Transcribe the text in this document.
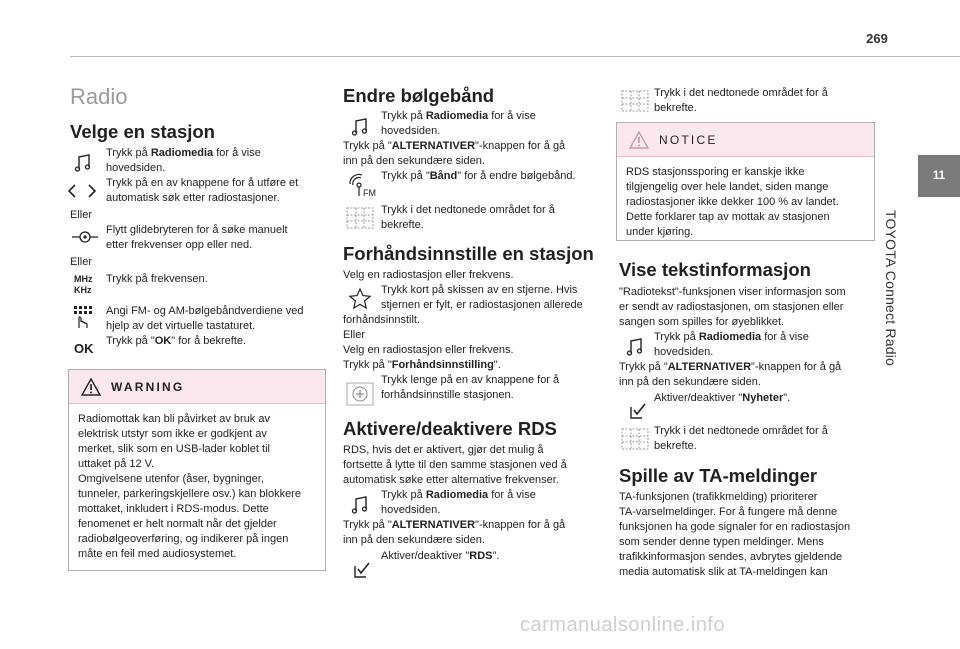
269
11
TOYOTA Connect Radio
Radio
Velge en stasjon
Trykk på Radiomedia for å vise
hovedsiden.
Trykk på en av knappene for å utføre et
automatisk søk etter radiostasjoner.
Eller
Flytt glidebryteren for å søke manuelt
etter frekvenser opp eller ned.
Eller
MHz
KHz
Trykk på frekvensen.
Angi FM- og AM-bølgebåndverdiene ved
hjelp av det virtuelle tastaturet.
OK Trykk på "OK" for å bekrefte.
WARNING
Radiomottak kan bli påvirket av bruk av
elektrisk utstyr som ikke er godkjent av
merket, slik som en USB-lader koblet til
uttaket på 12 V.
Omgivelsene utenfor (åser, bygninger,
tunneler, parkeringskjellere osv.) kan blokkere
mottaket, inkludert i RDS-modus. Dette
fenomenet er helt normalt når det gjelder
radiobølgeoverføring, og indikerer på ingen
måte en feil med audiosystemet.
Endre bølgebånd
Trykk på Radiomedia for å vise
hovedsiden.
Trykk på "ALTERNATIVER"-knappen for å gå
inn på den sekundære siden.
FM
Trykk på "Bånd" for å endre bølgebånd.
Trykk i det nedtonede området for å
bekrefte.
Forhåndsinnstille en stasjon
Velg en radiostasjon eller frekvens.
Trykk kort på skissen av en stjerne. Hvis
stjernen er fylt, er radiostasjonen allerede
forhåndsinnstilt.
Eller
Velg en radiostasjon eller frekvens.
Trykk på "Forhåndsinnstilling".
Trykk lenge på en av knappene for å
forhåndsinnstille stasjonen.
Aktivere/deaktivere RDS
RDS, hvis det er aktivert, gjør det mulig å
fortsette å lytte til den samme stasjonen ved å
automatisk søke etter alternative frekvenser.
Trykk på Radiomedia for å vise
hovedsiden.
Trykk på "ALTERNATIVER"-knappen for å gå
inn på den sekundære siden.
Aktiver/deaktiver "RDS".
Trykk i det nedtonede området for å
bekrefte.
NOTICE
RDS stasjonssporing er kanskje ikke
tilgjengelig over hele landet, siden mange
radiostasjoner ikke dekker 100 % av landet.
Dette forklarer tap av mottak av stasjonen
under kjøring.
Vise tekstinformasjon
"Radiotekst"-funksjonen viser informasjon som
er sendt av radiostasjonen, om stasjonen eller
sangen som spilles for øyeblikket.
Trykk på Radiomedia for å vise
hovedsiden.
Trykk på "ALTERNATIVER"-knappen for å gå
inn på den sekundære siden.
Aktiver/deaktiver "Nyheter".
Trykk i det nedtonede området for å
bekrefte.
Spille av TA-meldinger
TA-funksjonen (trafikkmelding) prioriterer
TA-varselmeldinger. For å fungere må denne
funksjonen ha gode signaler for en radiostasjon
som sender denne typen meldinger. Mens
trafikkinformasjon sendes, avbrytes gjeldende
media automatisk slik at TA-meldingen kan
carmanualsonline.info
